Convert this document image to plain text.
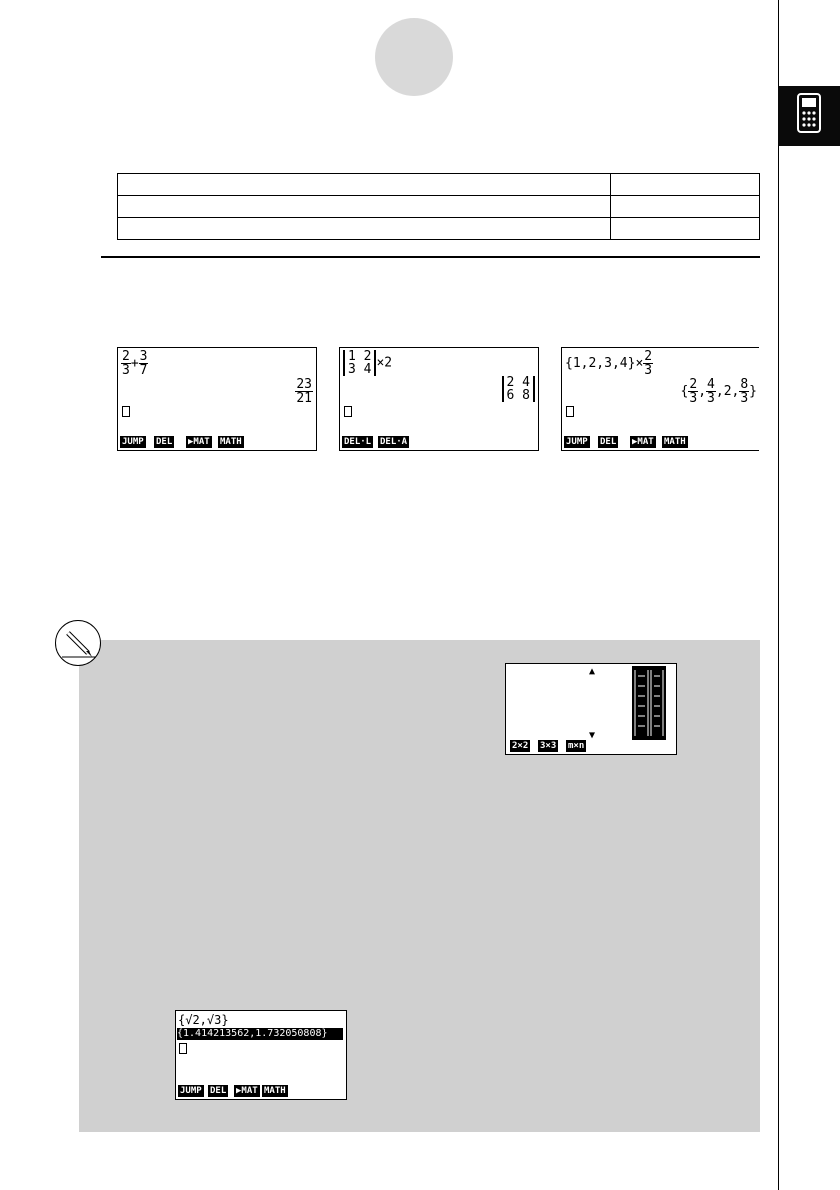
$\frac{2}{3} + \frac{3}{7}$
$\frac{23}{21}$
JUMP DEL ▶MAT MATH
1 2
3 4 ×2
2 4
6 8
DEL·L DEL·A
$\{1,2,3,4\}\times \frac{2}{3}$
{ $\frac{2}{3}$ , $\frac{4}{3} ,2$, $\frac{8}{3}$ }
JUMP DEL ▶MAT MATH
▲
▼
2×2 3×3 m×n
{√2,√3}
{1.414213562,1.732050808}
JUMP DEL ▶MAT MATH
